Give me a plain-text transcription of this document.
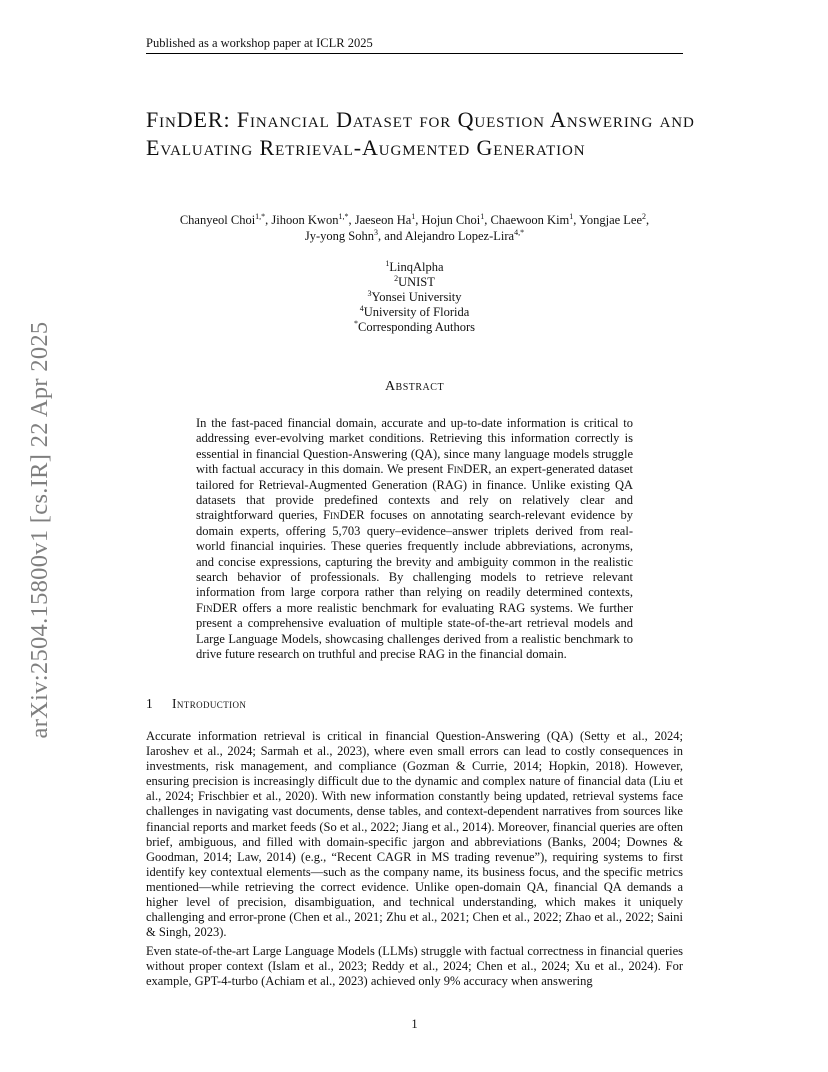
Published as a workshop paper at ICLR 2025
arXiv:2504.15800v1 [cs.IR] 22 Apr 2025
FinDER: Financial Dataset for Question Answering and Evaluating Retrieval-Augmented Generation
Chanyeol Choi$^{1,*}$, Jihoon Kwon$^{1,*}$, Jaeseon Ha$^1$, Hojun Choi$^1$, Chaewoon Kim$^1$, Yongjae Lee$^2$,
Jy-yong Sohn$^3$, and Alejandro Lopez-Lira$^{4,*}$
$^1$LinqAlpha
$^2$UNIST
$^3$Yonsei University
$^4$University of Florida
*Corresponding Authors
Abstract
In the fast-paced financial domain, accurate and up-to-date information is critical to addressing ever-evolving market conditions. Retrieving this information correctly is essential in financial Question-Answering (QA), since many language models struggle with factual accuracy in this domain. We present FinDER, an expert-generated dataset tailored for Retrieval-Augmented Generation (RAG) in finance. Unlike existing QA datasets that provide predefined contexts and rely on relatively clear and straightforward queries, FinDER focuses on annotating search-relevant evidence by domain experts, offering 5,703 query–evidence–answer triplets derived from real-world financial inquiries. These queries frequently include abbreviations, acronyms, and concise expressions, capturing the brevity and ambiguity common in the realistic search behavior of professionals. By challenging models to retrieve relevant information from large corpora rather than relying on readily determined contexts, FinDER offers a more realistic benchmark for evaluating RAG systems. We further present a comprehensive evaluation of multiple state-of-the-art retrieval models and Large Language Models, showcasing challenges derived from a realistic benchmark to drive future research on truthful and precise RAG in the financial domain.
1 Introduction
Accurate information retrieval is critical in financial Question-Answering (QA) (Setty et al., 2024; Iaroshev et al., 2024; Sarmah et al., 2023), where even small errors can lead to costly consequences in investments, risk management, and compliance (Gozman & Currie, 2014; Hopkin, 2018). However, ensuring precision is increasingly difficult due to the dynamic and complex nature of financial data (Liu et al., 2024; Frischbier et al., 2020). With new information constantly being updated, retrieval systems face challenges in navigating vast documents, dense tables, and context-dependent narratives from sources like financial reports and market feeds (So et al., 2022; Jiang et al., 2014). Moreover, financial queries are often brief, ambiguous, and filled with domain-specific jargon and abbreviations (Banks, 2004; Downes & Goodman, 2014; Law, 2014) (e.g., “Recent CAGR in MS trading revenue”), requiring systems to first identify key contextual elements—such as the company name, its business focus, and the specific metrics mentioned—while retrieving the correct evidence. Unlike open-domain QA, financial QA demands a higher level of precision, disambiguation, and technical understanding, which makes it uniquely challenging and error-prone (Chen et al., 2021; Zhu et al., 2021; Chen et al., 2022; Zhao et al., 2022; Saini & Singh, 2023).
Even state-of-the-art Large Language Models (LLMs) struggle with factual correctness in financial queries without proper context (Islam et al., 2023; Reddy et al., 2024; Chen et al., 2024; Xu et al., 2024). For example, GPT-4-turbo (Achiam et al., 2023) achieved only 9% accuracy when answering
1
